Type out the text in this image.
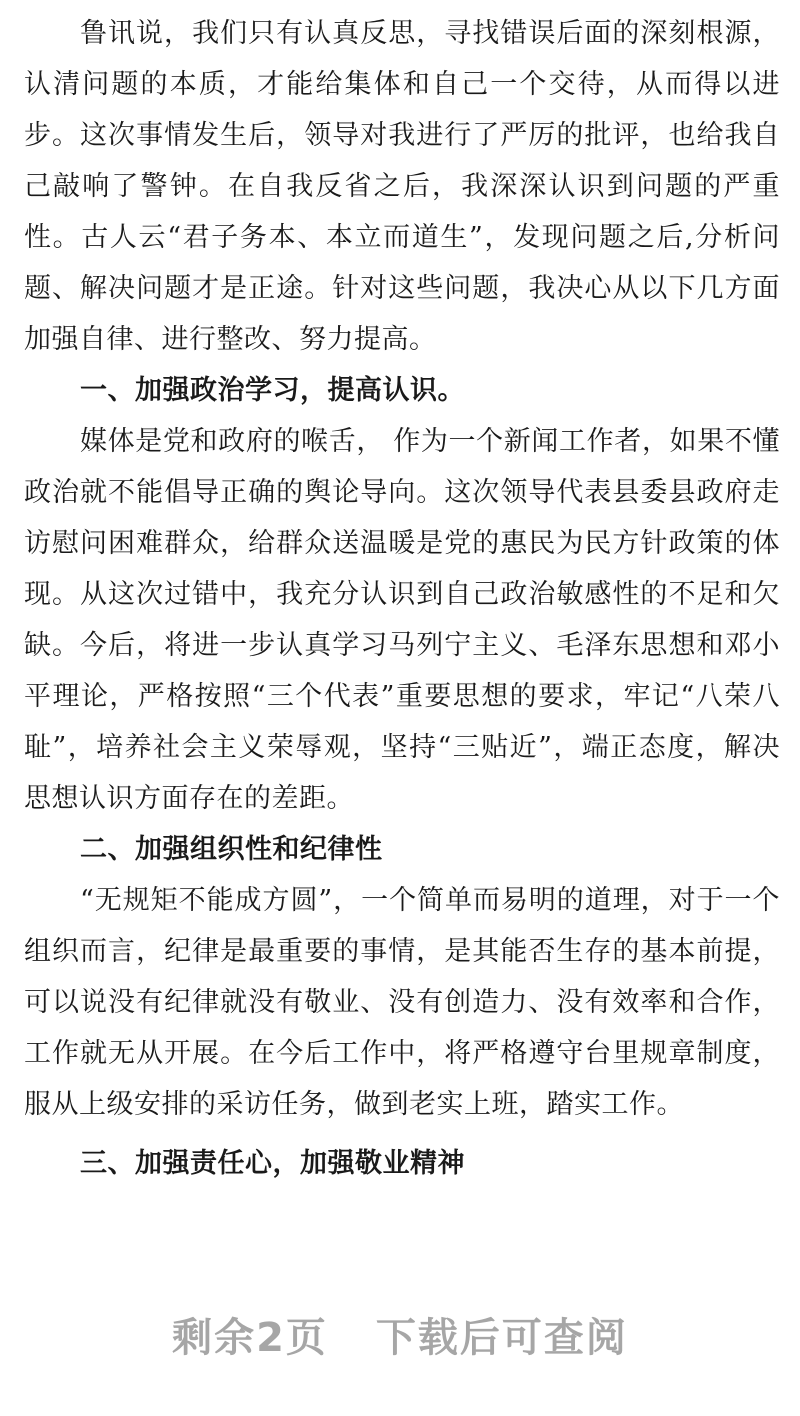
鲁讯说，我们只有认真反思，寻找错误后面的深刻根源，认清问题的本质，才能给集体和自己一个交待，从而得以进步。这次事情发生后，领导对我进行了严厉的批评，也给我自己敲响了警钟。在自我反省之后，我深深认识到问题的严重性。古人云“君子务本、本立而道生”，发现问题之后,分析问题、解决问题才是正途。针对这些问题，我决心从以下几方面加强自律、进行整改、努力提高。

一、加强政治学习，提高认识。

媒体是党和政府的喉舌， 作为一个新闻工作者，如果不懂政治就不能倡导正确的舆论导向。这次领导代表县委县政府走访慰问困难群众，给群众送温暖是党的惠民为民方针政策的体现。从这次过错中，我充分认识到自己政治敏感性的不足和欠缺。今后，将进一步认真学习马列宁主义、毛泽东思想和邓小平理论，严格按照“三个代表”重要思想的要求，牢记“八荣八耻”，培养社会主义荣辱观，坚持“三贴近”，端正态度，解决思想认识方面存在的差距。

二、加强组织性和纪律性

“无规矩不能成方圆”，一个简单而易明的道理，对于一个组织而言，纪律是最重要的事情，是其能否生存的基本前提，可以说没有纪律就没有敬业、没有创造力、没有效率和合作，工作就无从开展。在今后工作中，将严格遵守台里规章制度，服从上级安排的采访任务，做到老实上班，踏实工作。

三、加强责任心，加强敬业精神

剩余2页 下载后可查阅
